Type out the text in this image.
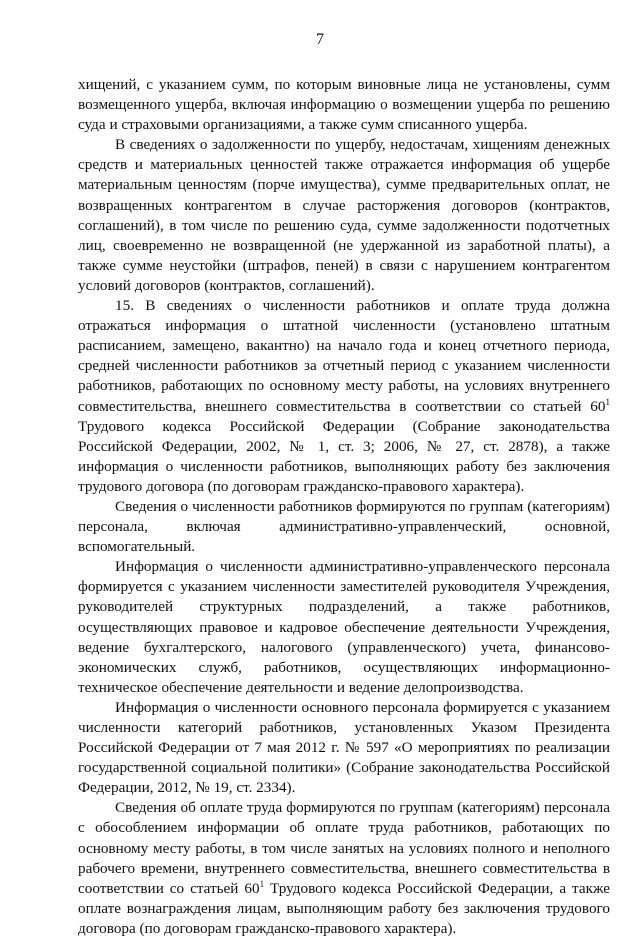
7

хищений, с указанием сумм, по которым виновные лица не установлены, сумм возмещенного ущерба, включая информацию о возмещении ущерба по решению суда и страховыми организациями, а также сумм списанного ущерба.

В сведениях о задолженности по ущербу, недостачам, хищениям денежных средств и материальных ценностей также отражается информация об ущербе материальным ценностям (порче имущества), сумме предварительных оплат, не возвращенных контрагентом в случае расторжения договоров (контрактов, соглашений), в том числе по решению суда, сумме задолженности подотчетных лиц, своевременно не возвращенной (не удержанной из заработной платы), а также сумме неустойки (штрафов, пеней) в связи с нарушением контрагентом условий договоров (контрактов, соглашений).

15. В сведениях о численности работников и оплате труда должна отражаться информация о штатной численности (установлено штатным расписанием, замещено, вакантно) на начало года и конец отчетного периода, средней численности работников за отчетный период с указанием численности работников, работающих по основному месту работы, на условиях внутреннего совместительства, внешнего совместительства в соответствии со статьей $60^1$ Трудового кодекса Российской Федерации (Собрание законодательства Российской Федерации, 2002, № 1, ст. 3; 2006, № 27, ст. 2878), а также информация о численности работников, выполняющих работу без заключения трудового договора (по договорам гражданско-правового характера).

Сведения о численности работников формируются по группам (категориям) персонала, включая административно-управленческий, основной, вспомогательный.

Информация о численности административно-управленческого персонала формируется с указанием численности заместителей руководителя Учреждения, руководителей структурных подразделений, а также работников, осуществляющих правовое и кадровое обеспечение деятельности Учреждения, ведение бухгалтерского, налогового (управленческого) учета, финансово-экономических служб, работников, осуществляющих информационно-техническое обеспечение деятельности и ведение делопроизводства.

Информация о численности основного персонала формируется с указанием численности категорий работников, установленных Указом Президента Российской Федерации от 7 мая 2012 г. № 597 «О мероприятиях по реализации государственной социальной политики» (Собрание законодательства Российской Федерации, 2012, № 19, ст. 2334).

Сведения об оплате труда формируются по группам (категориям) персонала с обособлением информации об оплате труда работников, работающих по основному месту работы, в том числе занятых на условиях полного и неполного рабочего времени, внутреннего совместительства, внешнего совместительства в соответствии со статьей $60^1$ Трудового кодекса Российской Федерации, а также оплате вознаграждения лицам, выполняющим работу без заключения трудового договора (по договорам гражданско-правового характера).
